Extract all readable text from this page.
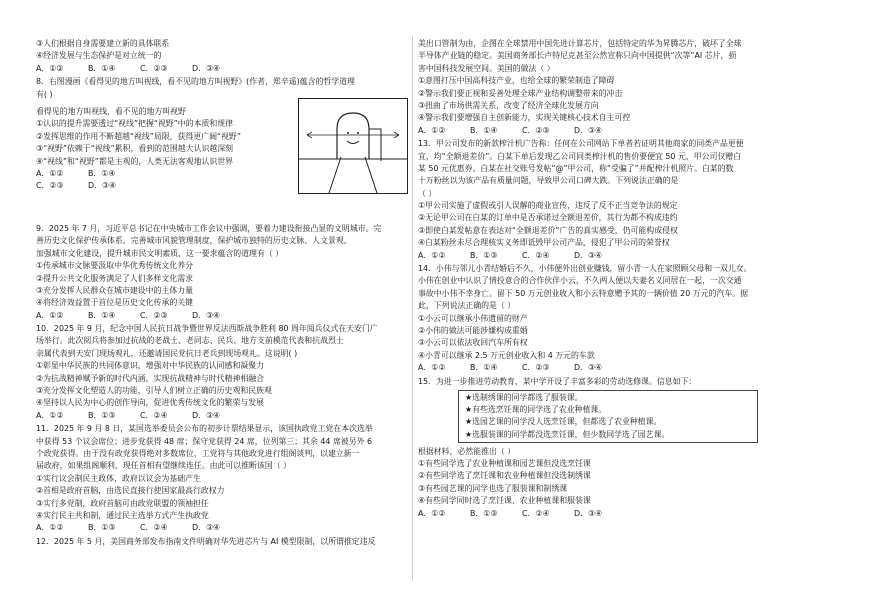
③人们根据自身需要建立新的具体联系
④经济发展与生态保护是对立统一的
A．①②	B．①④	C．②③	D．③④
8．右图漫画《看得见的地方叫视线，看不见的地方叫视野》(作者，郑辛遥)蕴含的哲学道理
有( )
看得见的地方叫视线，看不见的地方叫视野
①认识的提升需要透过“视线”把握“视野”中的本质和规律
②发挥思维的作用不断超越“视线”局限，获得更广阔“视野”
③“视野”依赖于“视线”累积，看到的范围越大认识越深刻
④“视线”和“视野”都是主观的，人类无法客观地认识世界
A．①②	B．①④
C．②③	D．③④
9．2025 年 7 月，习近平总书记在中央城市工作会议中强调，要着力建设衔接凸显的文明城市。完
善历史文化保护传承体系，完善城市风貌管理制度，保护城市独特的历史文脉、人文景观，
加强城市文化建设，提升城市民文明素质，这一要求蕴含的道理有（ ）
①传承城市文脉要汲取中华优秀传统文化养分
②提升公共文化服务满足了人们多样文化需求
③充分发挥人民群众在城市建设中的主体力量
④将经济效益置于首位是历史文化传承的关键
A．①②	B．①④	C．②③	D．③④
10．2025 年 9 月，纪念中国人民抗日战争暨世界反法西斯战争胜利 80 周年阅兵仪式在天安门广
场举行。此次阅兵将参加过抗战的老战士、老同志、民兵、地方支前模范代表和抗战烈士
亲属代表到天安门现场观礼，还邀请国民党抗日老兵到现场观礼。这说明( )
①彰显中华民族的共同体意识，增强对中华民族的认同感和凝聚力
②为抗战精神赋予新的时代内涵，实现抗战精神与时代精神相融合
③充分发挥文化塑造人的功能，引导人们树立正确的历史观和民族观
④坚持以人民为中心的创作导向，促进优秀传统文化的繁荣与发展
A．①②	B．①③	C．②④	D．③④
11．2025 年 9 月 8 日，某国选举委员会公布的初步计票结果显示，该国执政党工党在本次选举
中获得 53 个议会席位；进步党获得 48 席；保守党获得 24 席，位列第三；其余 44 席被另外 6
个政党获得。由于没有政党获得绝对多数席位，工党将与其他政党进行组阁谈判，以建立新一
届政府，如果组阁顺利，现任首相有望继续连任。由此可以推断该国（ ）
①实行议会制民主政体，政府以议会为基础产生
②首相是政府首脑，由选民直接行使国家最高行政权力
③实行多党制，政府首脑可由政党联盟的领袖担任
④实行民主共和制，通过民主选举方式产生执政党
A．①②	B．①③	C．②④	D．③④
12．2025 年 5 月，美国商务部发布指南文件明确对华先进芯片与 AI 模型限制，以所谓推定违反
美出口管制为由，企图在全球禁用中国先进计算芯片，包括特定的华为昇腾芯片，破坏了全球
半导体产业链的稳定。美国商务部长卢特尼克甚至公然宣称只向中国提供“次等”AI 芯片，损
害中国科技发展空间。美国的做法（ ）
①意图打压中国高科技产业，也给全球的繁荣制造了障碍
②警示我们要正视和妥善处理全球产业结构调整带来的冲击
③扭曲了市场供需关系，改变了经济全球化发展方向
④警示我们要增强自主创新能力，实现关键核心技术自主可控
A．①②	B．①④	C．②③	D．③④
13．甲公司发布的新款榨汁机广告称：任何在公司网站下单者若证明其他商家的同类产品更便
宜，均“全额退差价”。白某下单后发现乙公司同类榨汁机的售价要便宜 50 元，甲公司仅赠白
某 50 元优惠券。白某在社交账号发帖“@”甲公司，称“受骗了”并配榨汁机照片。白某的数
十万粉丝以为该产品有质量问题，导致甲公司口碑大跌。下列说法正确的是
（ ）
①甲公司实施了虚假或引人误解的商业宣传，违反了反不正当竞争法的规定
②无论甲公司在白某的订单中是否承诺过全额退差价，其行为都不构成违约
③即使白某发帖意在表达对“全额退差价”广告的真实感受，仍可能构成侵权
④白某粉丝未尽合理核实义务即诋毁甲公司产品，侵犯了甲公司的荣誉权
A．①②	B．①③	C．②④	D．③④
14．小伟与邻儿小青结婚后不久，小伟便外出创业赚钱，留小青一人在家照顾父母和一双儿女。
小伟在创业中认识了情投意合的合作伙伴小云，不久两人便以夫妻名义同居在一起，一次交通
事故中小伟不幸身亡。留下 50 万元创业收入和小云特意赠予其的一辆价值 20 万元的汽车。据
此，下列说法正确的是（ ）
①小云可以继承小伟遗留的财产
②小伟的做法可能涉嫌构成重婚
③小云可以依法收回汽车所有权
④小青可以继承 2.5 万元创业收入和 4 万元的车款
A．①②	B．①④	C．②③	D．③④
15．为进一步推进劳动教育，某中学开设了丰富多彩的劳动选修课。信息如下：
★选制绣课的同学都选了服装课。
★有些选烹饪课的同学选了农业种植课。
★选园艺课的同学没人选烹饪课，但都选了农业种植课。
★选服装课的同学都没选烹饪课，但少数同学选了园艺课。
根据材料，必然能推出（ ）
①有些同学选了农业种植课和园艺课但没选烹饪课
②有些同学选了烹饪课和农业种植课但没选制绣课
③有些园艺课的同学也选了服装课和制绣课
④有些同学同时选了烹饪课、农业种植课和服装课
A．①②	B．①③	C．②④	D．③④
